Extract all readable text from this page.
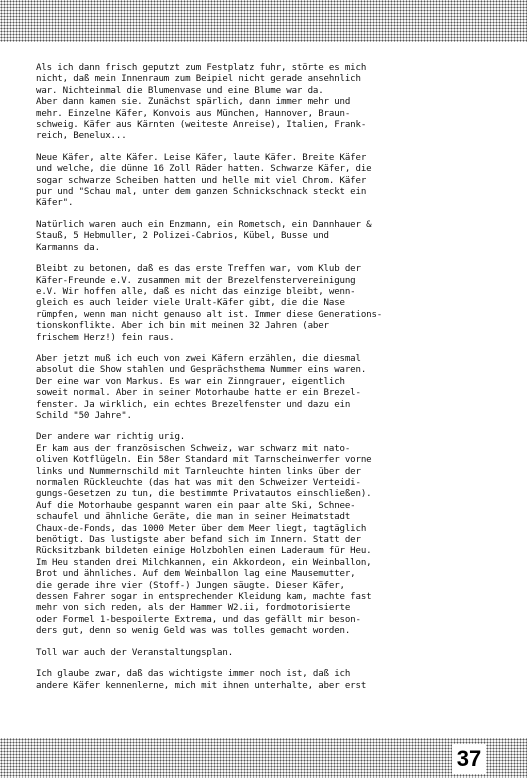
Als ich dann frisch geputzt zum Festplatz fuhr, störte es mich
nicht, daß mein Innenraum zum Beipiel nicht gerade ansehnlich
war. Nichteinmal die Blumenvase und eine Blume war da.
Aber dann kamen sie. Zunächst spärlich, dann immer mehr und
mehr. Einzelne Käfer, Konvois aus München, Hannover, Braun-
schweig. Käfer aus Kärnten (weiteste Anreise), Italien, Frank-
reich, Benelux...
Neue Käfer, alte Käfer. Leise Käfer, laute Käfer. Breite Käfer
und welche, die dünne 16 Zoll Räder hatten. Schwarze Käfer, die
sogar schwarze Scheiben hatten und helle mit viel Chrom. Käfer
pur und "Schau mal, unter dem ganzen Schnickschnack steckt ein
Käfer".
Natürlich waren auch ein Enzmann, ein Rometsch, ein Dannhauer &
Stauß, 5 Hebmuller, 2 Polizei-Cabrios, Kübel, Busse und
Karmanns da.
Bleibt zu betonen, daß es das erste Treffen war, vom Klub der
Käfer-Freunde e.V. zusammen mit der Brezelfenstervereinigung
e.V. Wir hoffen alle, daß es nicht das einzige bleibt, wenn-
gleich es auch leider viele Uralt-Käfer gibt, die die Nase
rümpfen, wenn man nicht genauso alt ist. Immer diese Generations-
tionskonflikte. Aber ich bin mit meinen 32 Jahren (aber
frischem Herz!) fein raus.
Aber jetzt muß ich euch von zwei Käfern erzählen, die diesmal
absolut die Show stahlen und Gesprächsthema Nummer eins waren.
Der eine war von Markus. Es war ein Zinngrauer, eigentlich
soweit normal. Aber in seiner Motorhaube hatte er ein Brezel-
fenster. Ja wirklich, ein echtes Brezelfenster und dazu ein
Schild "50 Jahre".
Der andere war richtig urig.
Er kam aus der französischen Schweiz, war schwarz mit nato-
oliven Kotflügeln. Ein 58er Standard mit Tarnscheinwerfer vorne
links und Nummernschild mit Tarnleuchte hinten links über der
normalen Rückleuchte (das hat was mit den Schweizer Verteidi-
gungs-Gesetzen zu tun, die bestimmte Privatautos einschließen).
Auf die Motorhaube gespannt waren ein paar alte Ski, Schnee-
schaufel und ähnliche Geräte, die man in seiner Heimatstadt
Chaux-de-Fonds, das 1000 Meter über dem Meer liegt, tagtäglich
benötigt. Das lustigste aber befand sich im Innern. Statt der
Rücksitzbank bildeten einige Holzbohlen einen Laderaum für Heu.
Im Heu standen drei Milchkannen, ein Akkordeon, ein Weinballon,
Brot und ähnliches. Auf dem Weinballon lag eine Mausemutter,
die gerade ihre vier (Stoff-) Jungen säugte. Dieser Käfer,
dessen Fahrer sogar in entsprechender Kleidung kam, machte fast
mehr von sich reden, als der Hammer W2.ii, fordmotorisierte
oder Formel 1-bespoilerte Extrema, und das gefällt mir beson-
ders gut, denn so wenig Geld was was tolles gemacht worden.
Toll war auch der Veranstaltungsplan.
Ich glaube zwar, daß das wichtigste immer noch ist, daß ich
andere Käfer kennenlerne, mich mit ihnen unterhalte, aber erst
37
